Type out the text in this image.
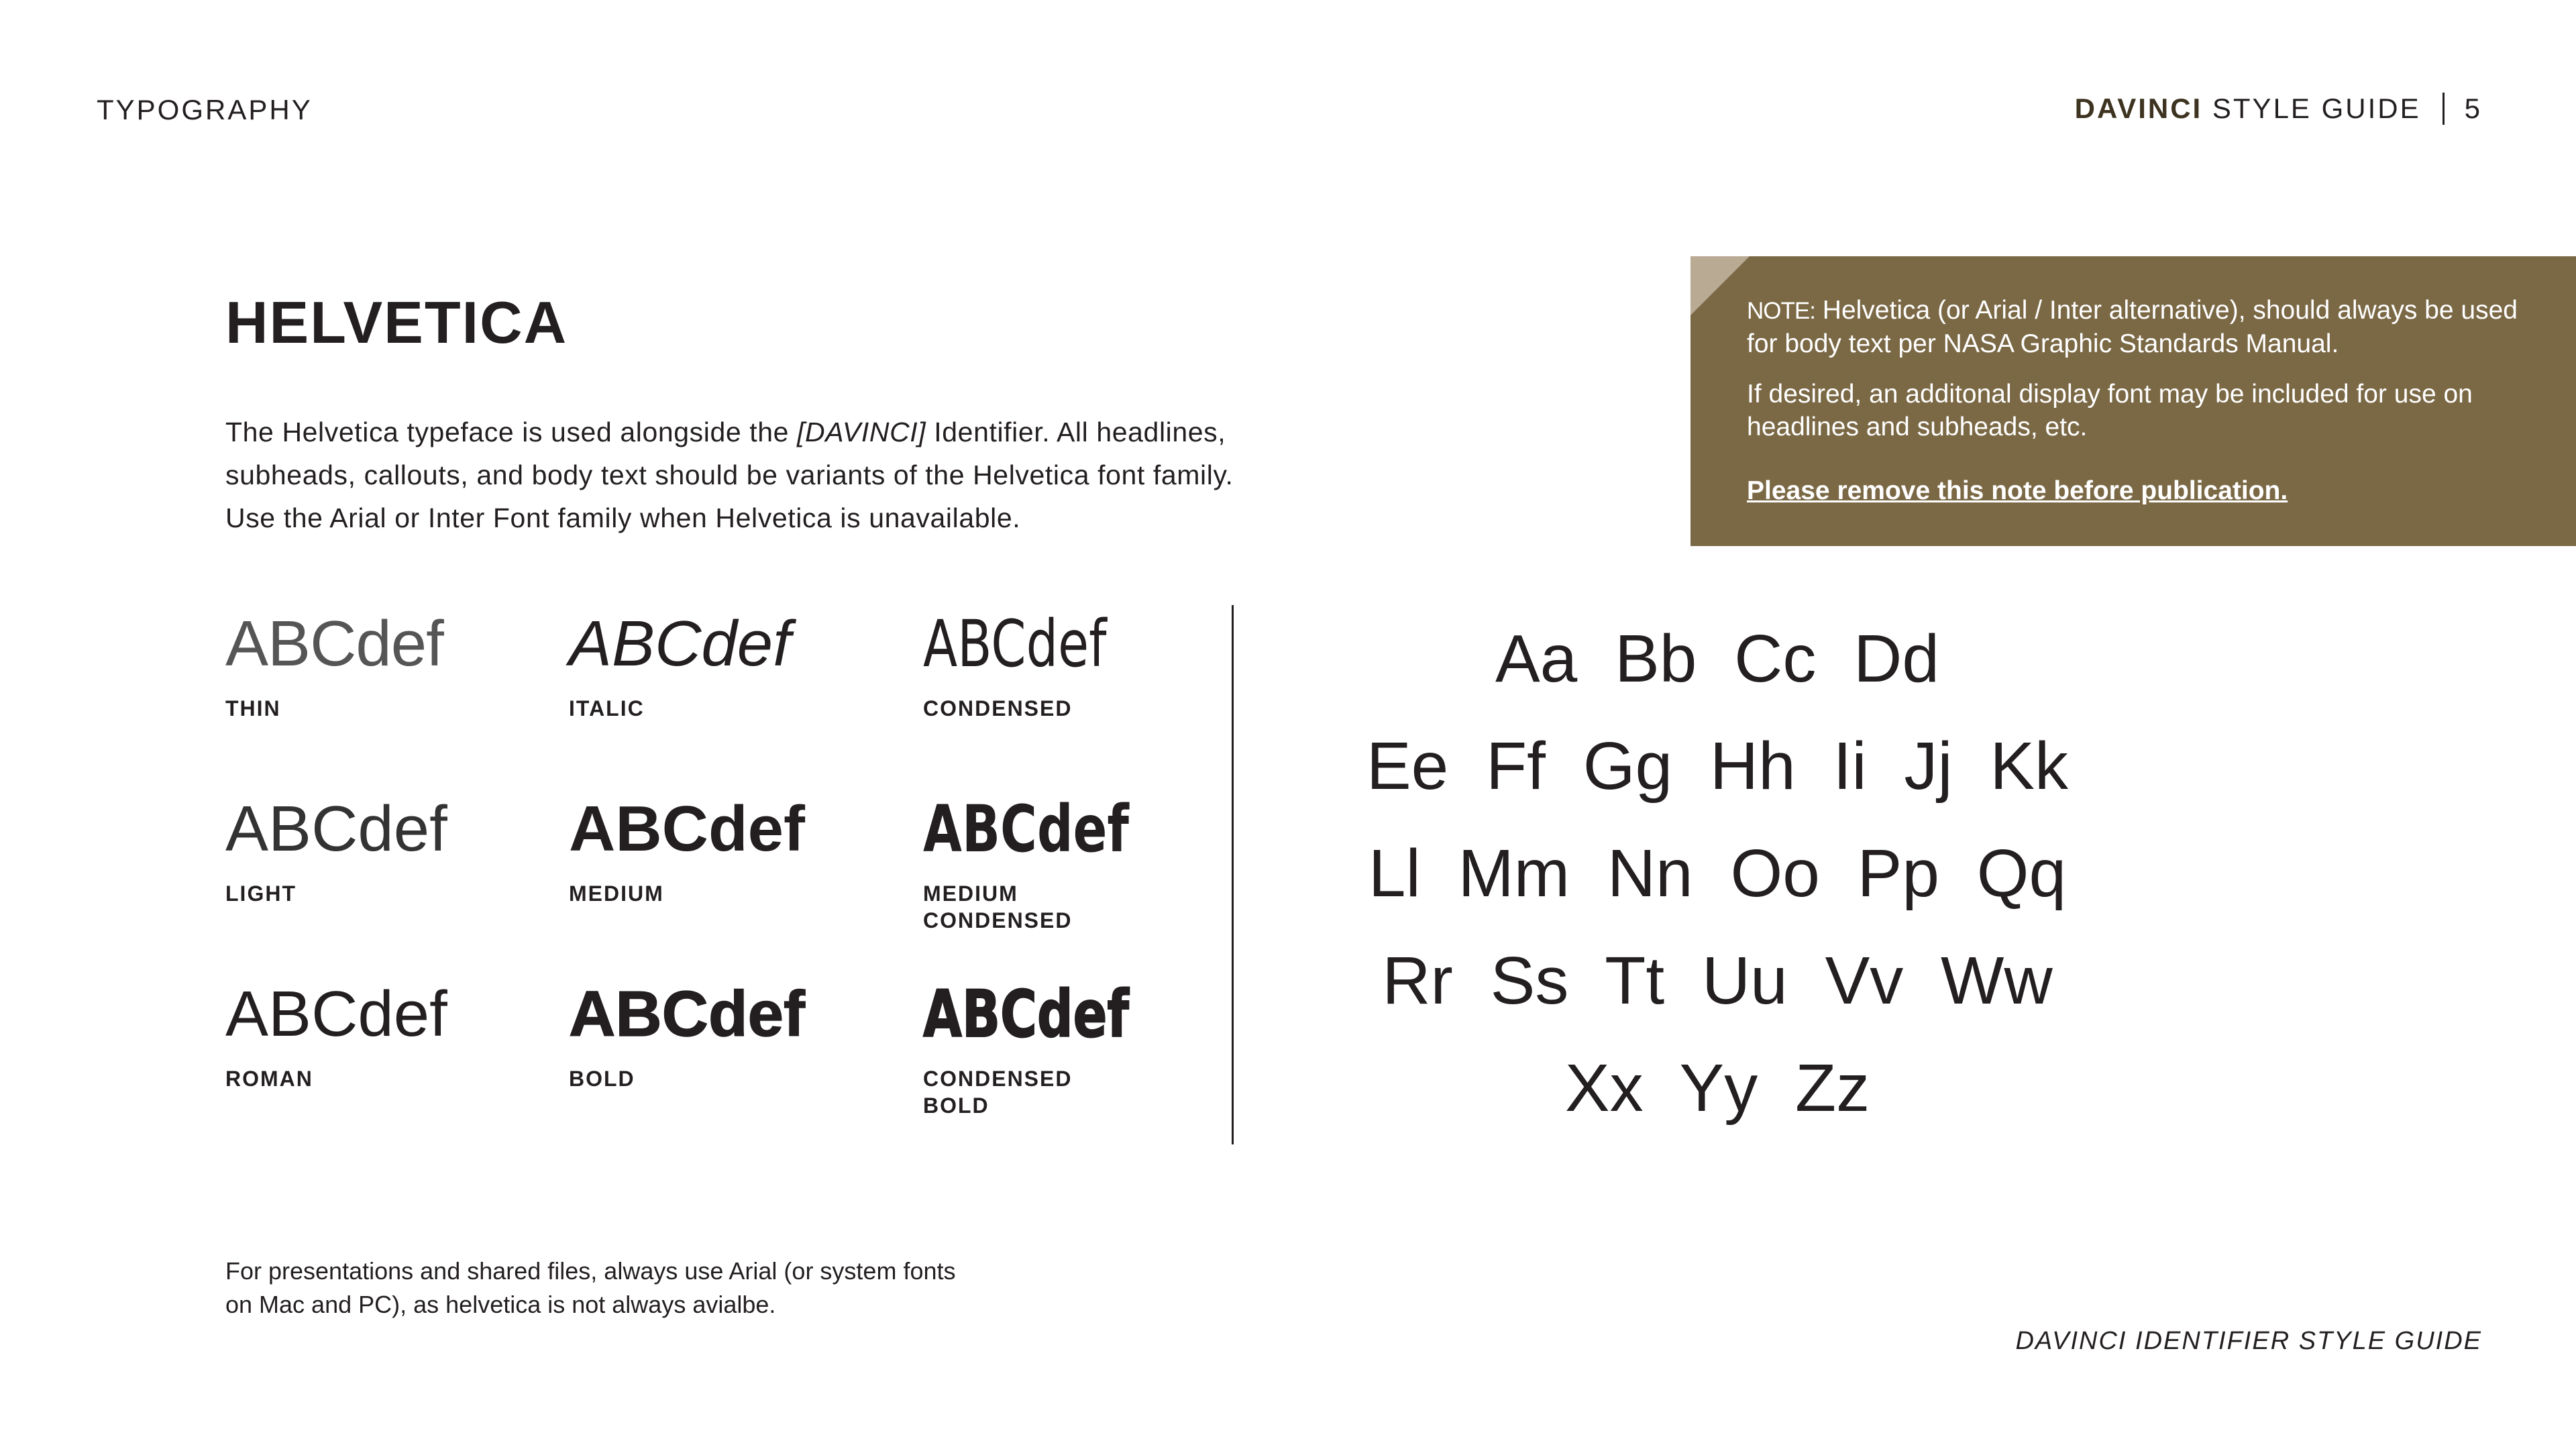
TYPOGRAPHY	DAVINCI
STYLE GUIDE 5
HELVETICA

The Helvetica typeface is used alongside the [DAVINCI] Identifier. All headlines,
subheads, callouts, and body text should be variants of the Helvetica font family.
Use the Arial or Inter Font family when Helvetica is unavailable.

NOTE: Helvetica (or Arial / Inter alternative), should always be used for body text per NASA Graphic Standards Manual.

If desired, an additonal display font may be included for use on headlines and subheads, etc.

Please remove this note before publication.
ABCdef
THIN
ABCdef
ITALIC
ABCdef
CONDENSED
ABCdef
LIGHT
ABCdef
MEDIUM
ABCdef
MEDIUM
CONDENSED
ABCdef
ROMAN
ABCdef
BOLD
ABCdef
CONDENSED
BOLD
Aa Bb Cc Dd
Ee Ff Gg Hh Ii Jj Kk
Ll Mm Nn Oo Pp Qq
Rr Ss Tt Uu Vv Ww
Xx Yy Zz

For presentations and shared files, always use Arial (or system fonts

on Mac and PC), as helvetica is not always avialbe.

DAVINCI IDENTIFIER STYLE GUIDE
